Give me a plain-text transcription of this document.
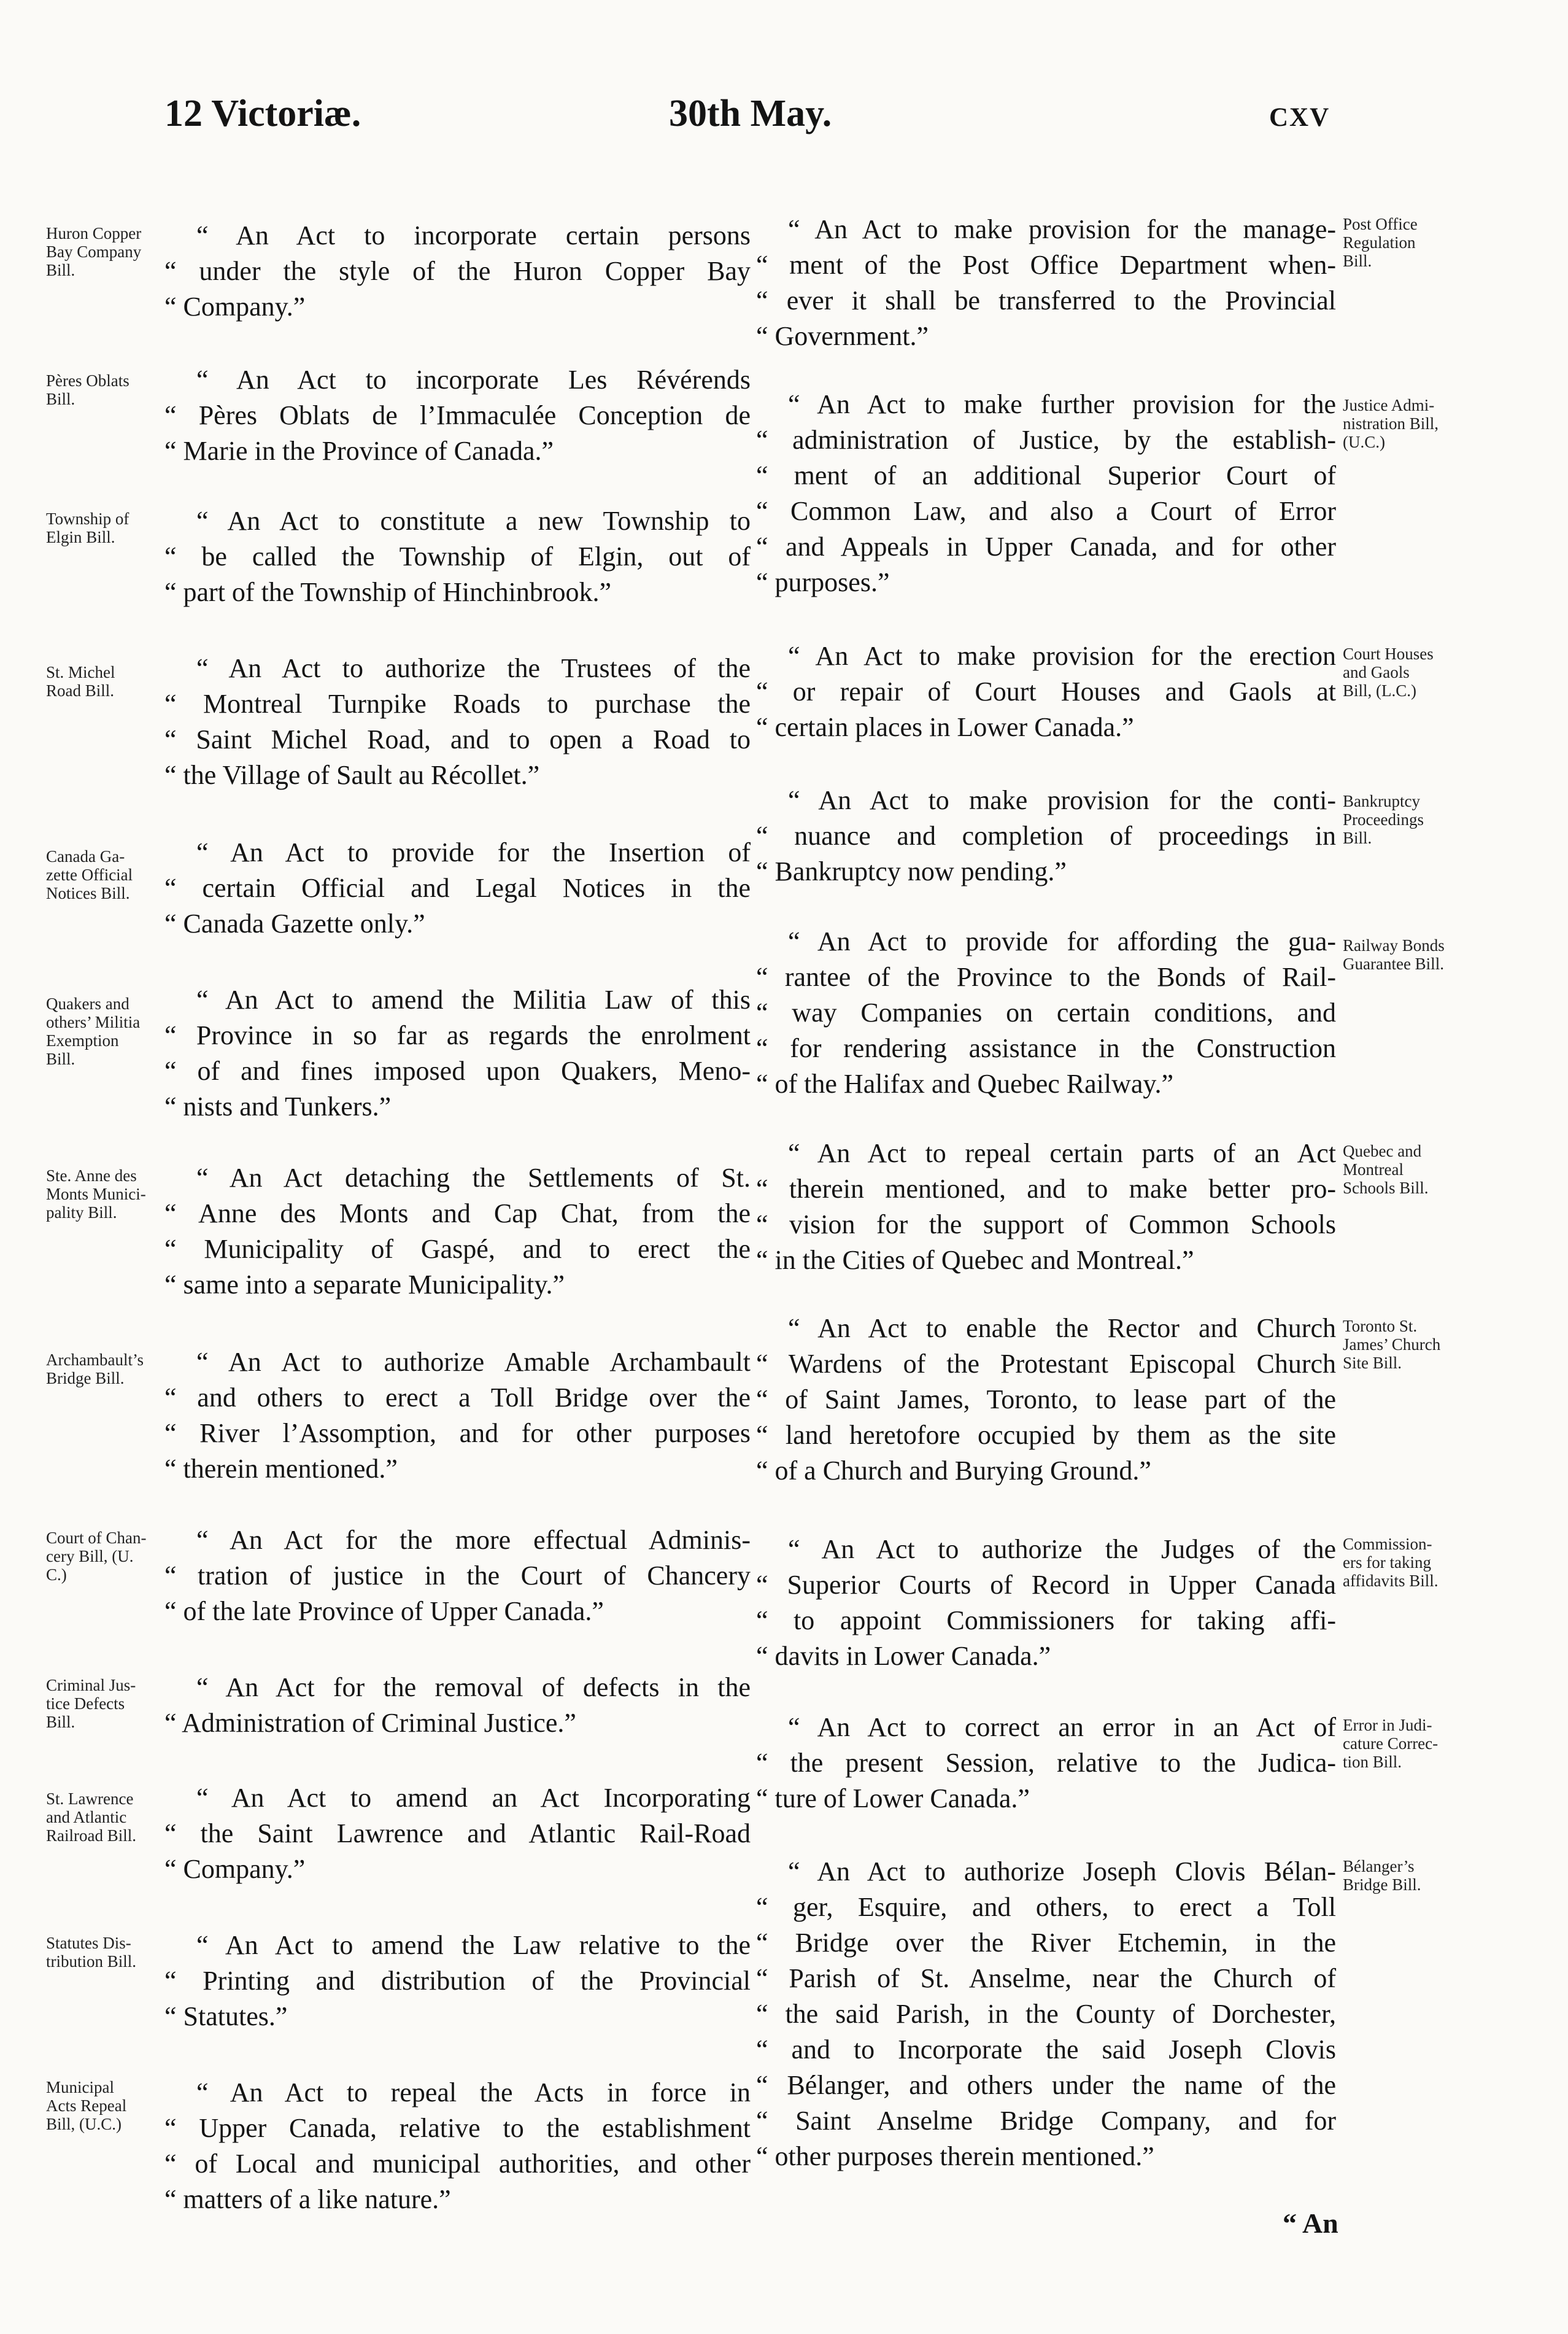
12 Victoriæ.	30th May.	cxv
“ An Act to incorporate certain persons
“ under the style of the Huron Copper Bay
“ Company.”
“ An Act to incorporate Les Révérends
“ Pères Oblats de l’Immaculée Conception de
“ Marie in the Province of Canada.”
“ An Act to constitute a new Township to
“ be called the Township of Elgin, out of
“ part of the Township of Hinchinbrook.”
“ An Act to authorize the Trustees of the
“ Montreal Turnpike Roads to purchase the
“ Saint Michel Road, and to open a Road to
“ the Village of Sault au Récollet.”
“ An Act to provide for the Insertion of
“ certain Official and Legal Notices in the
“ Canada Gazette only.”
“ An Act to amend the Militia Law of this
“ Province in so far as regards the enrolment
“ of and fines imposed upon Quakers, Meno-
“ nists and Tunkers.”
“ An Act detaching the Settlements of St.
“ Anne des Monts and Cap Chat, from the
“ Municipality of Gaspé, and to erect the
“ same into a separate Municipality.”
“ An Act to authorize Amable Archambault
“ and others to erect a Toll Bridge over the
“ River l’Assomption, and for other purposes
“ therein mentioned.”
“ An Act for the more effectual Adminis-
“ tration of justice in the Court of Chancery
“ of the late Province of Upper Canada.”
“ An Act for the removal of defects in the
“ Administration of Criminal Justice.”
“ An Act to amend an Act Incorporating
“ the Saint Lawrence and Atlantic Rail-Road
“ Company.”
“ An Act to amend the Law relative to the
“ Printing and distribution of the Provincial
“ Statutes.”
“ An Act to repeal the Acts in force in
“ Upper Canada, relative to the establishment
“ of Local and municipal authorities, and other
“ matters of a like nature.”
Huron Copper
Bay Company
Bill.
Pères Oblats
Bill.
Township of
Elgin Bill.
St. Michel
Road Bill.
Canada Ga-
zette Official
Notices Bill.
Quakers and
others’ Militia
Exemption
Bill.
Ste. Anne des
Monts Munici-
pality Bill.
Archambault’s
Bridge Bill.
Court of Chan-
cery Bill, (U.
C.)
Criminal Jus-
tice Defects
Bill.
St. Lawrence
and Atlantic
Railroad Bill.
Statutes Dis-
tribution Bill.
Municipal
Acts Repeal
Bill, (U.C.)
“ An Act to make provision for the manage-
“ ment of the Post Office Department when-
“ ever it shall be transferred to the Provincial
“ Government.”
“ An Act to make further provision for the
“ administration of Justice, by the establish-
“ ment of an additional Superior Court of
“ Common Law, and also a Court of Error
“ and Appeals in Upper Canada, and for other
“ purposes.”
“ An Act to make provision for the erection
“ or repair of Court Houses and Gaols at
“ certain places in Lower Canada.”
“ An Act to make provision for the conti-
“ nuance and completion of proceedings in
“ Bankruptcy now pending.”
“ An Act to provide for affording the gua-
“ rantee of the Province to the Bonds of Rail-
“ way Companies on certain conditions, and
“ for rendering assistance in the Construction
“ of the Halifax and Quebec Railway.”
“ An Act to repeal certain parts of an Act
“ therein mentioned, and to make better pro-
“ vision for the support of Common Schools
“ in the Cities of Quebec and Montreal.”
“ An Act to enable the Rector and Church
“ Wardens of the Protestant Episcopal Church
“ of Saint James, Toronto, to lease part of the
“ land heretofore occupied by them as the site
“ of a Church and Burying Ground.”
“ An Act to authorize the Judges of the
“ Superior Courts of Record in Upper Canada
“ to appoint Commissioners for taking affi-
“ davits in Lower Canada.”
“ An Act to correct an error in an Act of
“ the present Session, relative to the Judica-
“ ture of Lower Canada.”
“ An Act to authorize Joseph Clovis Bélan-
“ ger, Esquire, and others, to erect a Toll
“ Bridge over the River Etchemin, in the
“ Parish of St. Anselme, near the Church of
“ the said Parish, in the County of Dorchester,
“ and to Incorporate the said Joseph Clovis
“ Bélanger, and others under the name of the
“ Saint Anselme Bridge Company, and for
“ other purposes therein mentioned.”
Post Office
Regulation
Bill.
Justice Admi-
nistration Bill,
(U.C.)
Court Houses
and Gaols
Bill, (L.C.)
Bankruptcy
Proceedings
Bill.
Railway Bonds
Guarantee Bill.
Quebec and
Montreal
Schools Bill.
Toronto St.
James’ Church
Site Bill.
Commission-
ers for taking
affidavits Bill.
Error in Judi-
cature Correc-
tion Bill.
Bélanger’s
Bridge Bill.
“ An
